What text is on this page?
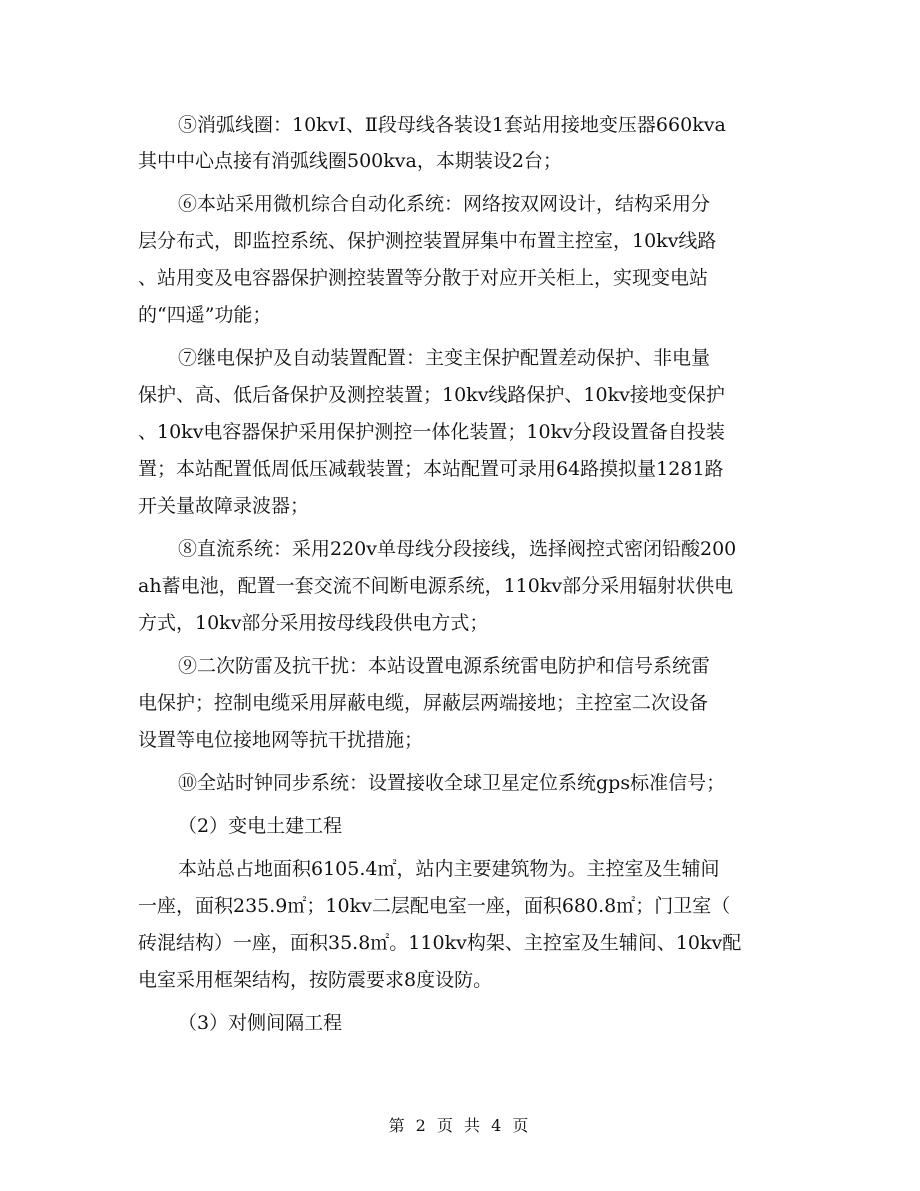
⑤消弧线圈：10kvⅠ、Ⅱ段母线各装设1套站用接地变压器660kva
其中中心点接有消弧线圈500kva，本期装设2台；
⑥本站采用微机综合自动化系统：网络按双网设计，结构采用分
层分布式，即监控系统、保护测控装置屏集中布置主控室，10kv线路
、站用变及电容器保护测控装置等分散于对应开关柜上，实现变电站
的“四遥”功能；
⑦继电保护及自动装置配置：主变主保护配置差动保护、非电量
保护、高、低后备保护及测控装置；10kv线路保护、10kv接地变保护
、10kv电容器保护采用保护测控一体化装置；10kv分段设置备自投装
置；本站配置低周低压减载装置；本站配置可录用64路摸拟量1281路
开关量故障录波器；
⑧直流系统：采用220v单母线分段接线，选择阀控式密闭铅酸200
ah蓄电池，配置一套交流不间断电源系统，110kv部分采用辐射状供电
方式，10kv部分采用按母线段供电方式；
⑨二次防雷及抗干扰：本站设置电源系统雷电防护和信号系统雷
电保护；控制电缆采用屏蔽电缆，屏蔽层两端接地；主控室二次设备
设置等电位接地网等抗干扰措施；
⑩全站时钟同步系统：设置接收全球卫星定位系统gps标准信号；
（2）变电土建工程
本站总占地面积6105.4㎡，站内主要建筑物为。主控室及生辅间
一座，面积235.9㎡；10kv二层配电室一座，面积680.8㎡；门卫室（
砖混结构）一座，面积35.8㎡。110kv构架、主控室及生辅间、10kv配
电室采用框架结构，按防震要求8度设防。
（3）对侧间隔工程
第 2 页 共 4 页
